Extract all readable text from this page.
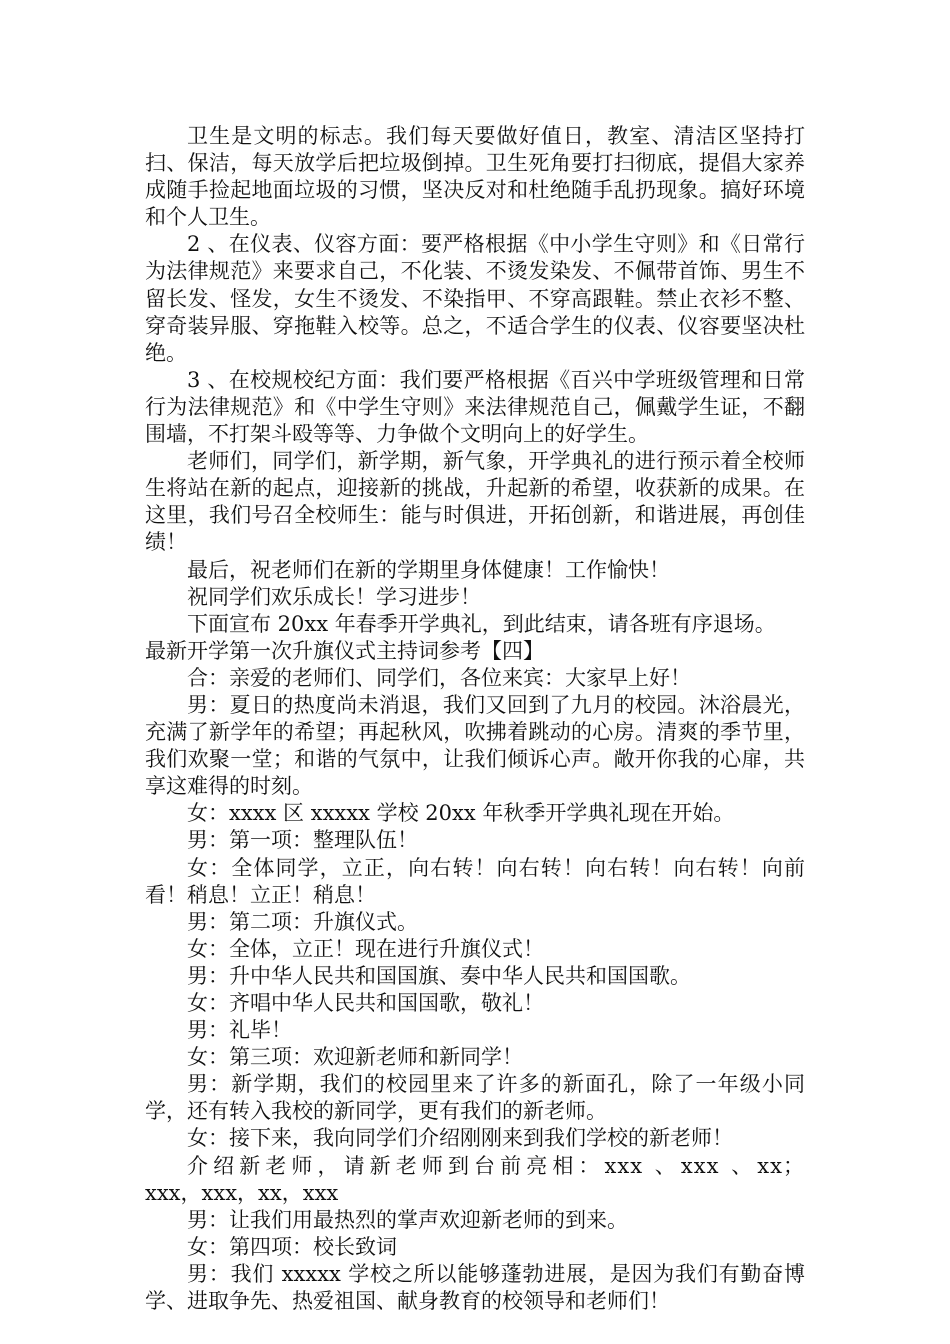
卫生是文明的标志。我们每天要做好值日，教室、清洁区坚持打扫、保洁，每天放学后把垃圾倒掉。卫生死角要打扫彻底，提倡大家养成随手捡起地面垃圾的习惯，坚决反对和杜绝随手乱扔现象。搞好环境和个人卫生。

2 、在仪表、仪容方面：要严格根据《中小学生守则》和《日常行为法律规范》来要求自己，不化装、不烫发染发、不佩带首饰、男生不留长发、怪发，女生不烫发、不染指甲、不穿高跟鞋。禁止衣衫不整、穿奇装异服、穿拖鞋入校等。总之，不适合学生的仪表、仪容要坚决杜绝。

3 、在校规校纪方面：我们要严格根据《百兴中学班级管理和日常行为法律规范》和《中学生守则》来法律规范自己，佩戴学生证，不翻围墙，不打架斗殴等等、力争做个文明向上的好学生。

老师们，同学们，新学期，新气象，开学典礼的进行预示着全校师生将站在新的起点，迎接新的挑战，升起新的希望，收获新的成果。在这里，我们号召全校师生：能与时俱进，开拓创新，和谐进展，再创佳绩！

最后，祝老师们在新的学期里身体健康！工作愉快！

祝同学们欢乐成长！学习进步！

下面宣布 20xx 年春季开学典礼，到此结束，请各班有序退场。

最新开学第一次升旗仪式主持词参考【四】

合：亲爱的老师们、同学们，各位来宾：大家早上好！

男：夏日的热度尚未消退，我们又回到了九月的校园。沐浴晨光，充满了新学年的希望；再起秋风，吹拂着跳动的心房。清爽的季节里，我们欢聚一堂；和谐的气氛中，让我们倾诉心声。敞开你我的心扉，共享这难得的时刻。

女：xxxx 区 xxxxx 学校 20xx 年秋季开学典礼现在开始。

男：第一项：整理队伍！

女：全体同学，立正，向右转！向右转！向右转！向右转！向前看！稍息！立正！稍息！

男：第二项：升旗仪式。

女：全体，立正！现在进行升旗仪式！

男：升中华人民共和国国旗、奏中华人民共和国国歌。

女：齐唱中华人民共和国国歌，敬礼！

男：礼毕！

女：第三项：欢迎新老师和新同学！

男：新学期，我们的校园里来了许多的新面孔，除了一年级小同学，还有转入我校的新同学，更有我们的新老师。

女：接下来，我向同学们介绍刚刚来到我们学校的新老师！

介绍新老师，请新老师到台前亮相：xxx 、xxx 、xx；

xxx，xxx，xx，xxx

男：让我们用最热烈的掌声欢迎新老师的到来。

女：第四项：校长致词

男：我们 xxxxx 学校之所以能够蓬勃进展，是因为我们有勤奋博学、进取争先、热爱祖国、献身教育的校领导和老师们！
